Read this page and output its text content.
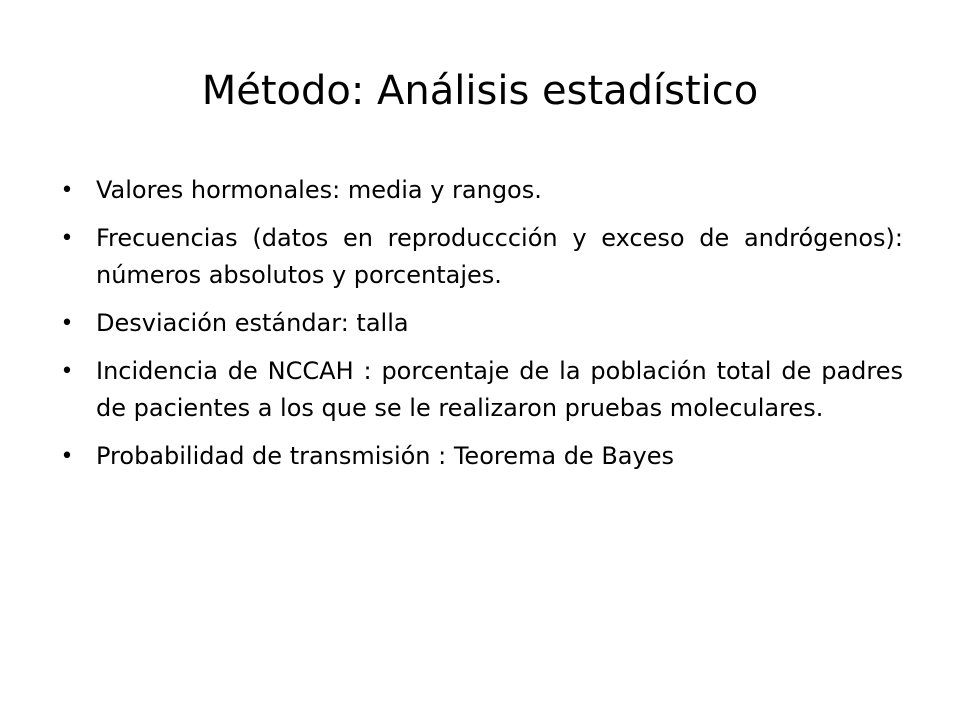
Método: Análisis estadístico
• Valores hormonales: media y rangos.
• Frecuencias (datos en reproduccción y exceso de andrógenos): números absolutos y porcentajes.
• Desviación estándar: talla
• Incidencia de NCCAH : porcentaje de la población total de padres de pacientes a los que se le realizaron pruebas moleculares.
• Probabilidad de transmisión : Teorema de Bayes
